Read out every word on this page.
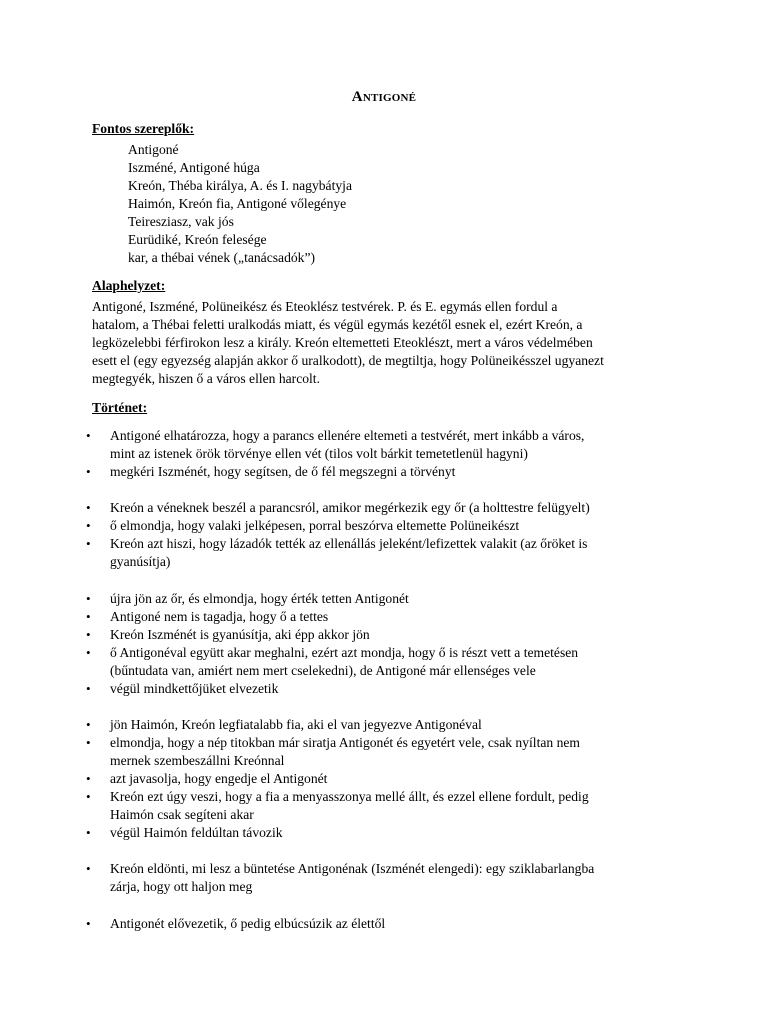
Antigoné
Fontos szereplők:
Antigoné
Iszméné, Antigoné húga
Kreón, Théba királya, A. és I. nagybátyja
Haimón, Kreón fia, Antigoné vőlegénye
Teiresziasz, vak jós
Eurüdiké, Kreón felesége
kar, a thébai vének („tanácsadók”)
Alaphelyzet:
Antigoné, Iszméné, Polüneikész és Eteoklész testvérek. P. és E. egymás ellen fordul a
hatalom, a Thébai feletti uralkodás miatt, és végül egymás kezétől esnek el, ezért Kreón, a
legközelebbi férfirokon lesz a király. Kreón eltemetteti Eteoklészt, mert a város védelmében
esett el (egy egyezség alapján akkor ő uralkodott), de megtiltja, hogy Polüneikésszel ugyanezt
megtegyék, hiszen ő a város ellen harcolt.
Történet:
•	Antigoné elhatározza, hogy a parancs ellenére eltemeti a testvérét, mert inkább a város,
mint az istenek örök törvénye ellen vét (tilos volt bárkit temetetlenül hagyni)
•	megkéri Iszménét, hogy segítsen, de ő fél megszegni a törvényt
•	Kreón a véneknek beszél a parancsról, amikor megérkezik egy őr (a holttestre felügyelt)
•	ő elmondja, hogy valaki jelképesen, porral beszórva eltemette Polüneikészt
•	Kreón azt hiszi, hogy lázadók tették az ellenállás jeleként/lefizettek valakit (az őröket is
gyanúsítja)
•	újra jön az őr, és elmondja, hogy érték tetten Antigonét
•	Antigoné nem is tagadja, hogy ő a tettes
•	Kreón Iszménét is gyanúsítja, aki épp akkor jön
•	ő Antigonéval együtt akar meghalni, ezért azt mondja, hogy ő is részt vett a temetésen
(bűntudata van, amiért nem mert cselekedni), de Antigoné már ellenséges vele
•	végül mindkettőjüket elvezetik
•	jön Haimón, Kreón legfiatalabb fia, aki el van jegyezve Antigonéval
•	elmondja, hogy a nép titokban már siratja Antigonét és egyetért vele, csak nyíltan nem
mernek szembeszállni Kreónnal
•	azt javasolja, hogy engedje el Antigonét
•	Kreón ezt úgy veszi, hogy a fia a menyasszonya mellé állt, és ezzel ellene fordult, pedig
Haimón csak segíteni akar
•	végül Haimón feldúltan távozik
•	Kreón eldönti, mi lesz a büntetése Antigonénak (Iszménét elengedi): egy sziklabarlangba
zárja, hogy ott haljon meg
•	Antigonét elővezetik, ő pedig elbúcsúzik az élettől
